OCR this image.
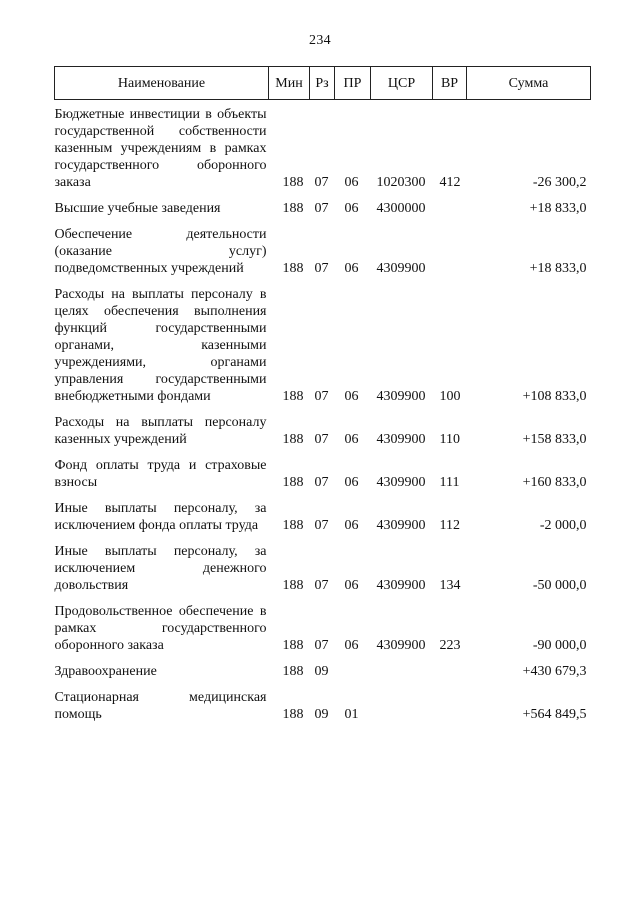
234
Наименование	Мин	Рз	ПР	ЦСР	ВР	Сумма
Бюджетные инвестиции в объекты государственной собственности казенным учреждениям в рамках государственного оборонного заказа	188	07	06	1020300	412	-26 300,2
Высшие учебные заведения	188	07	06	4300000		+18 833,0
Обеспечение деятельности (оказание услуг) подведомственных учреждений	188	07	06	4309900		+18 833,0
Расходы на выплаты персоналу в целях обеспечения выполнения функций государственными органами, казенными учреждениями, органами управления государственными внебюджетными фондами	188	07	06	4309900	100	+108 833,0
Расходы на выплаты персоналу казенных учреждений	188	07	06	4309900	110	+158 833,0
Фонд оплаты труда и страховые взносы	188	07	06	4309900	111	+160 833,0
Иные выплаты персоналу, за исключением фонда оплаты труда	188	07	06	4309900	112	-2 000,0
Иные выплаты персоналу, за исключением денежного довольствия	188	07	06	4309900	134	-50 000,0
Продовольственное обеспечение в рамках государственного оборонного заказа	188	07	06	4309900	223	-90 000,0
Здравоохранение	188	09				+430 679,3
Стационарная медицинская помощь	188	09	01			+564 849,5
